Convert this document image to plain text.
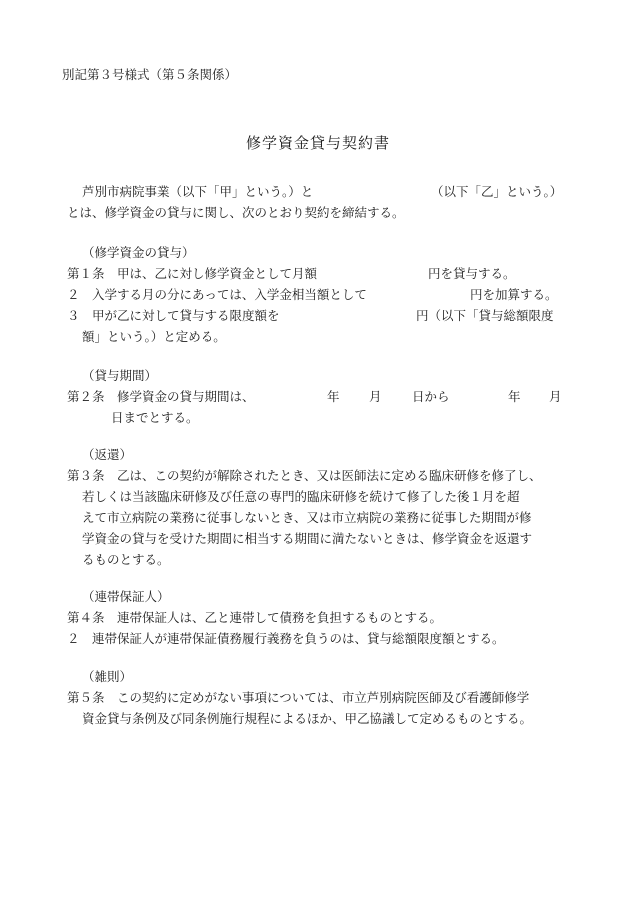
別記第３号様式（第５条関係）
修学資金貸与契約書
芦別市病院事業（以下「甲」という。）と	（以下「乙」という。）
とは、修学資金の貸与に関し、次のとおり契約を締結する。
（修学資金の貸与）
第１条　甲は、乙に対し修学資金として月額	円を貸与する。
２　入学する月の分にあっては、入学金相当額として	円を加算する。
３　甲が乙に対して貸与する限度額を	円（以下「貸与総額限度
額」という。）と定める。
（貸与期間）
第２条　修学資金の貸与期間は、	年 月 日から	年 月
日までとする。
（返還）
第３条　乙は、この契約が解除されたとき、又は医師法に定める臨床研修を修了し、
若しくは当該臨床研修及び任意の専門的臨床研修を続けて修了した後１月を超
えて市立病院の業務に従事しないとき、又は市立病院の業務に従事した期間が修
学資金の貸与を受けた期間に相当する期間に満たないときは、修学資金を返還す
るものとする。
（連帯保証人）
第４条　連帯保証人は、乙と連帯して債務を負担するものとする。
２　連帯保証人が連帯保証債務履行義務を負うのは、貸与総額限度額とする。
（雑則）
第５条　この契約に定めがない事項については、市立芦別病院医師及び看護師修学
資金貸与条例及び同条例施行規程によるほか、甲乙協議して定めるものとする。
